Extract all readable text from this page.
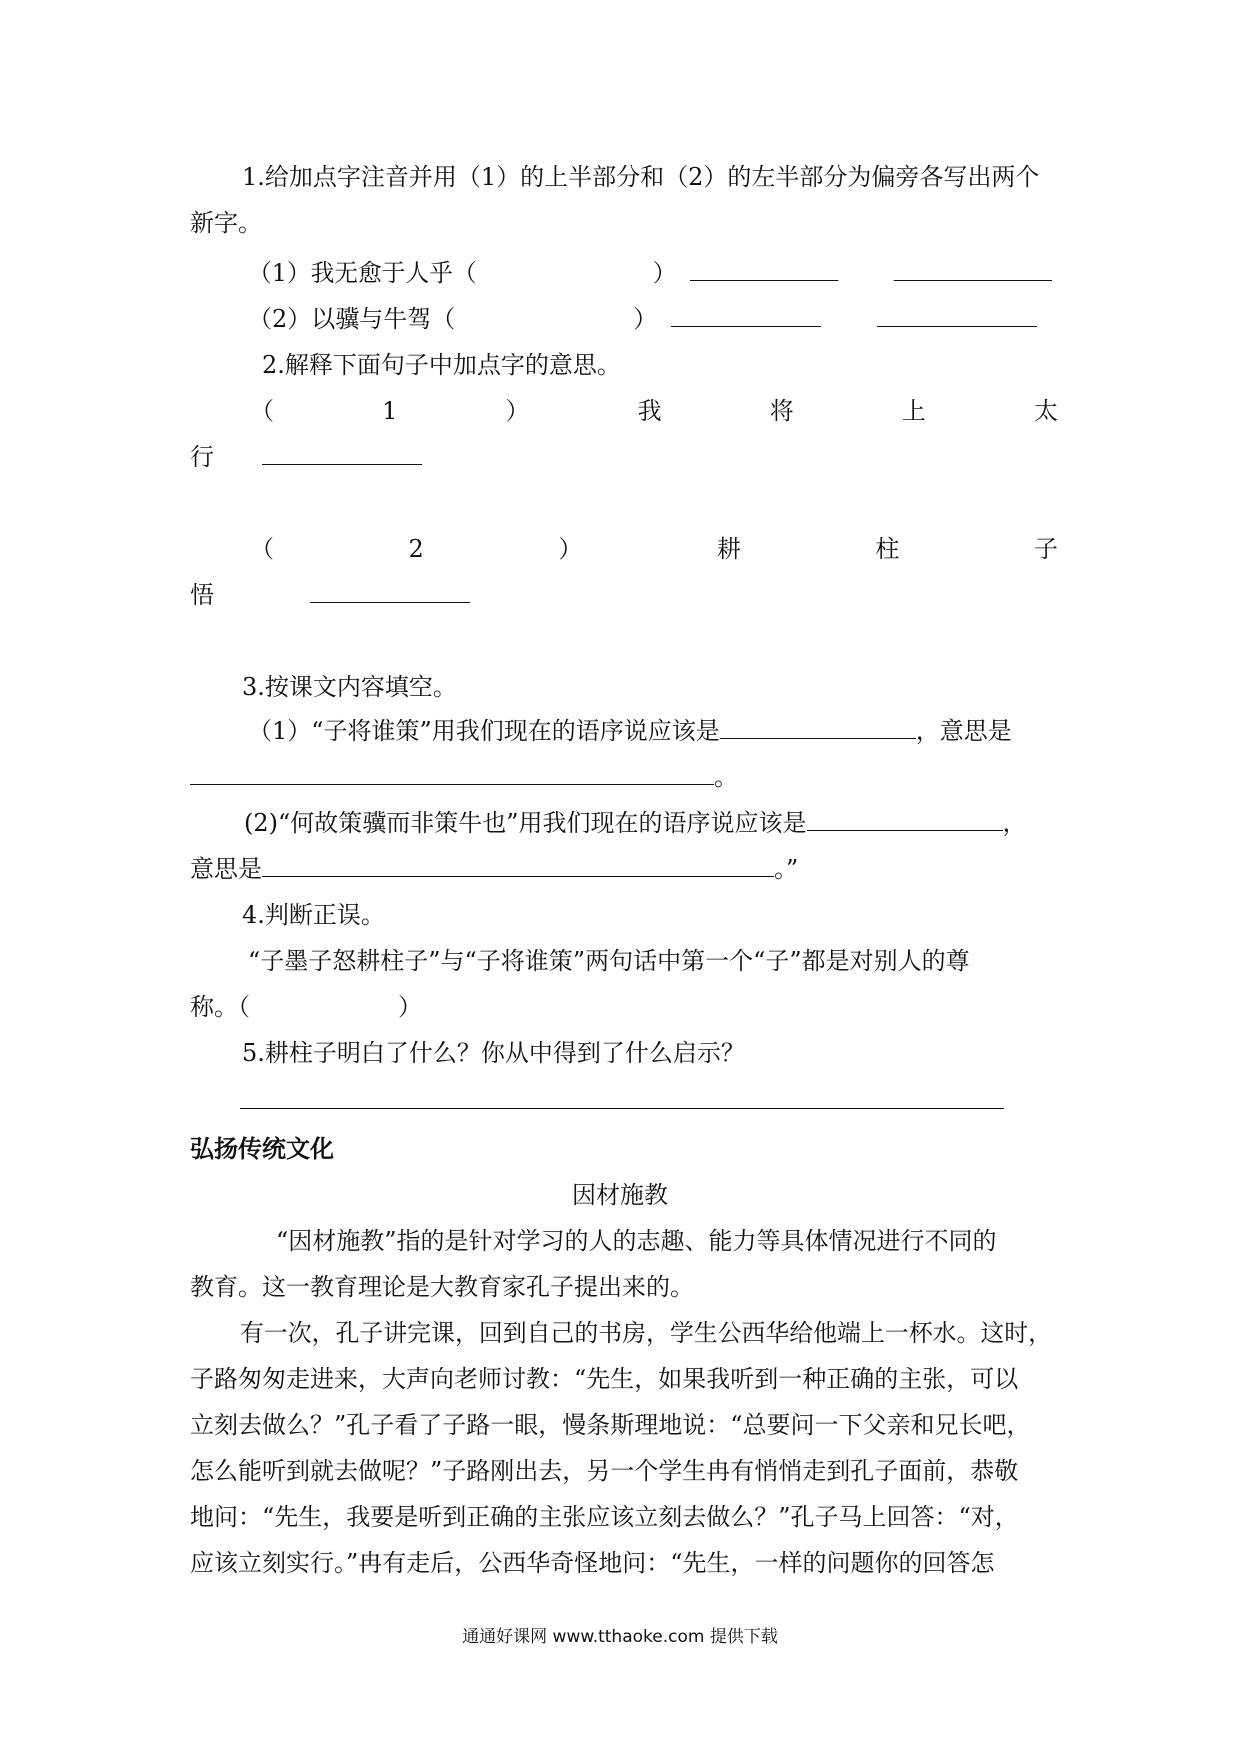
1.给加点字注音并用（1）的上半部分和（2）的左半部分为偏旁各写出两个
新字。
（1）我无愈于人乎（	）
（2）以骥与牛驾（	）
2.解释下面句子中加点字的意思。
（	1	）	我	将	上	太
行
（	2	）	耕	柱	子
悟
3.按课文内容填空。
（1）“子将谁策”用我们现在的语序说应该是	，意思是
。
(2)“何故策骥而非策牛也”用我们现在的语序说应该是	，
意思是	。”
4.判断正误。
“子墨子怒耕柱子”与“子将谁策”两句话中第一个“子”都是对别人的尊
称。（	）
5.耕柱子明白了什么？你从中得到了什么启示？
弘扬传统文化
因材施教
“因材施教”指的是针对学习的人的志趣、能力等具体情况进行不同的
教育。这一教育理论是大教育家孔子提出来的。
有一次，孔子讲完课，回到自己的书房，学生公西华给他端上一杯水。这时，
子路匆匆走进来，大声向老师讨教：“先生，如果我听到一种正确的主张，可以
立刻去做么？”孔子看了子路一眼，慢条斯理地说：“总要问一下父亲和兄长吧，
怎么能听到就去做呢？”子路刚出去，另一个学生冉有悄悄走到孔子面前，恭敬
地问：“先生，我要是听到正确的主张应该立刻去做么？”孔子马上回答：“对，
应该立刻实行。”冉有走后，公西华奇怪地问：“先生，一样的问题你的回答怎
通通好课网 www.tthaoke.com 提供下载
